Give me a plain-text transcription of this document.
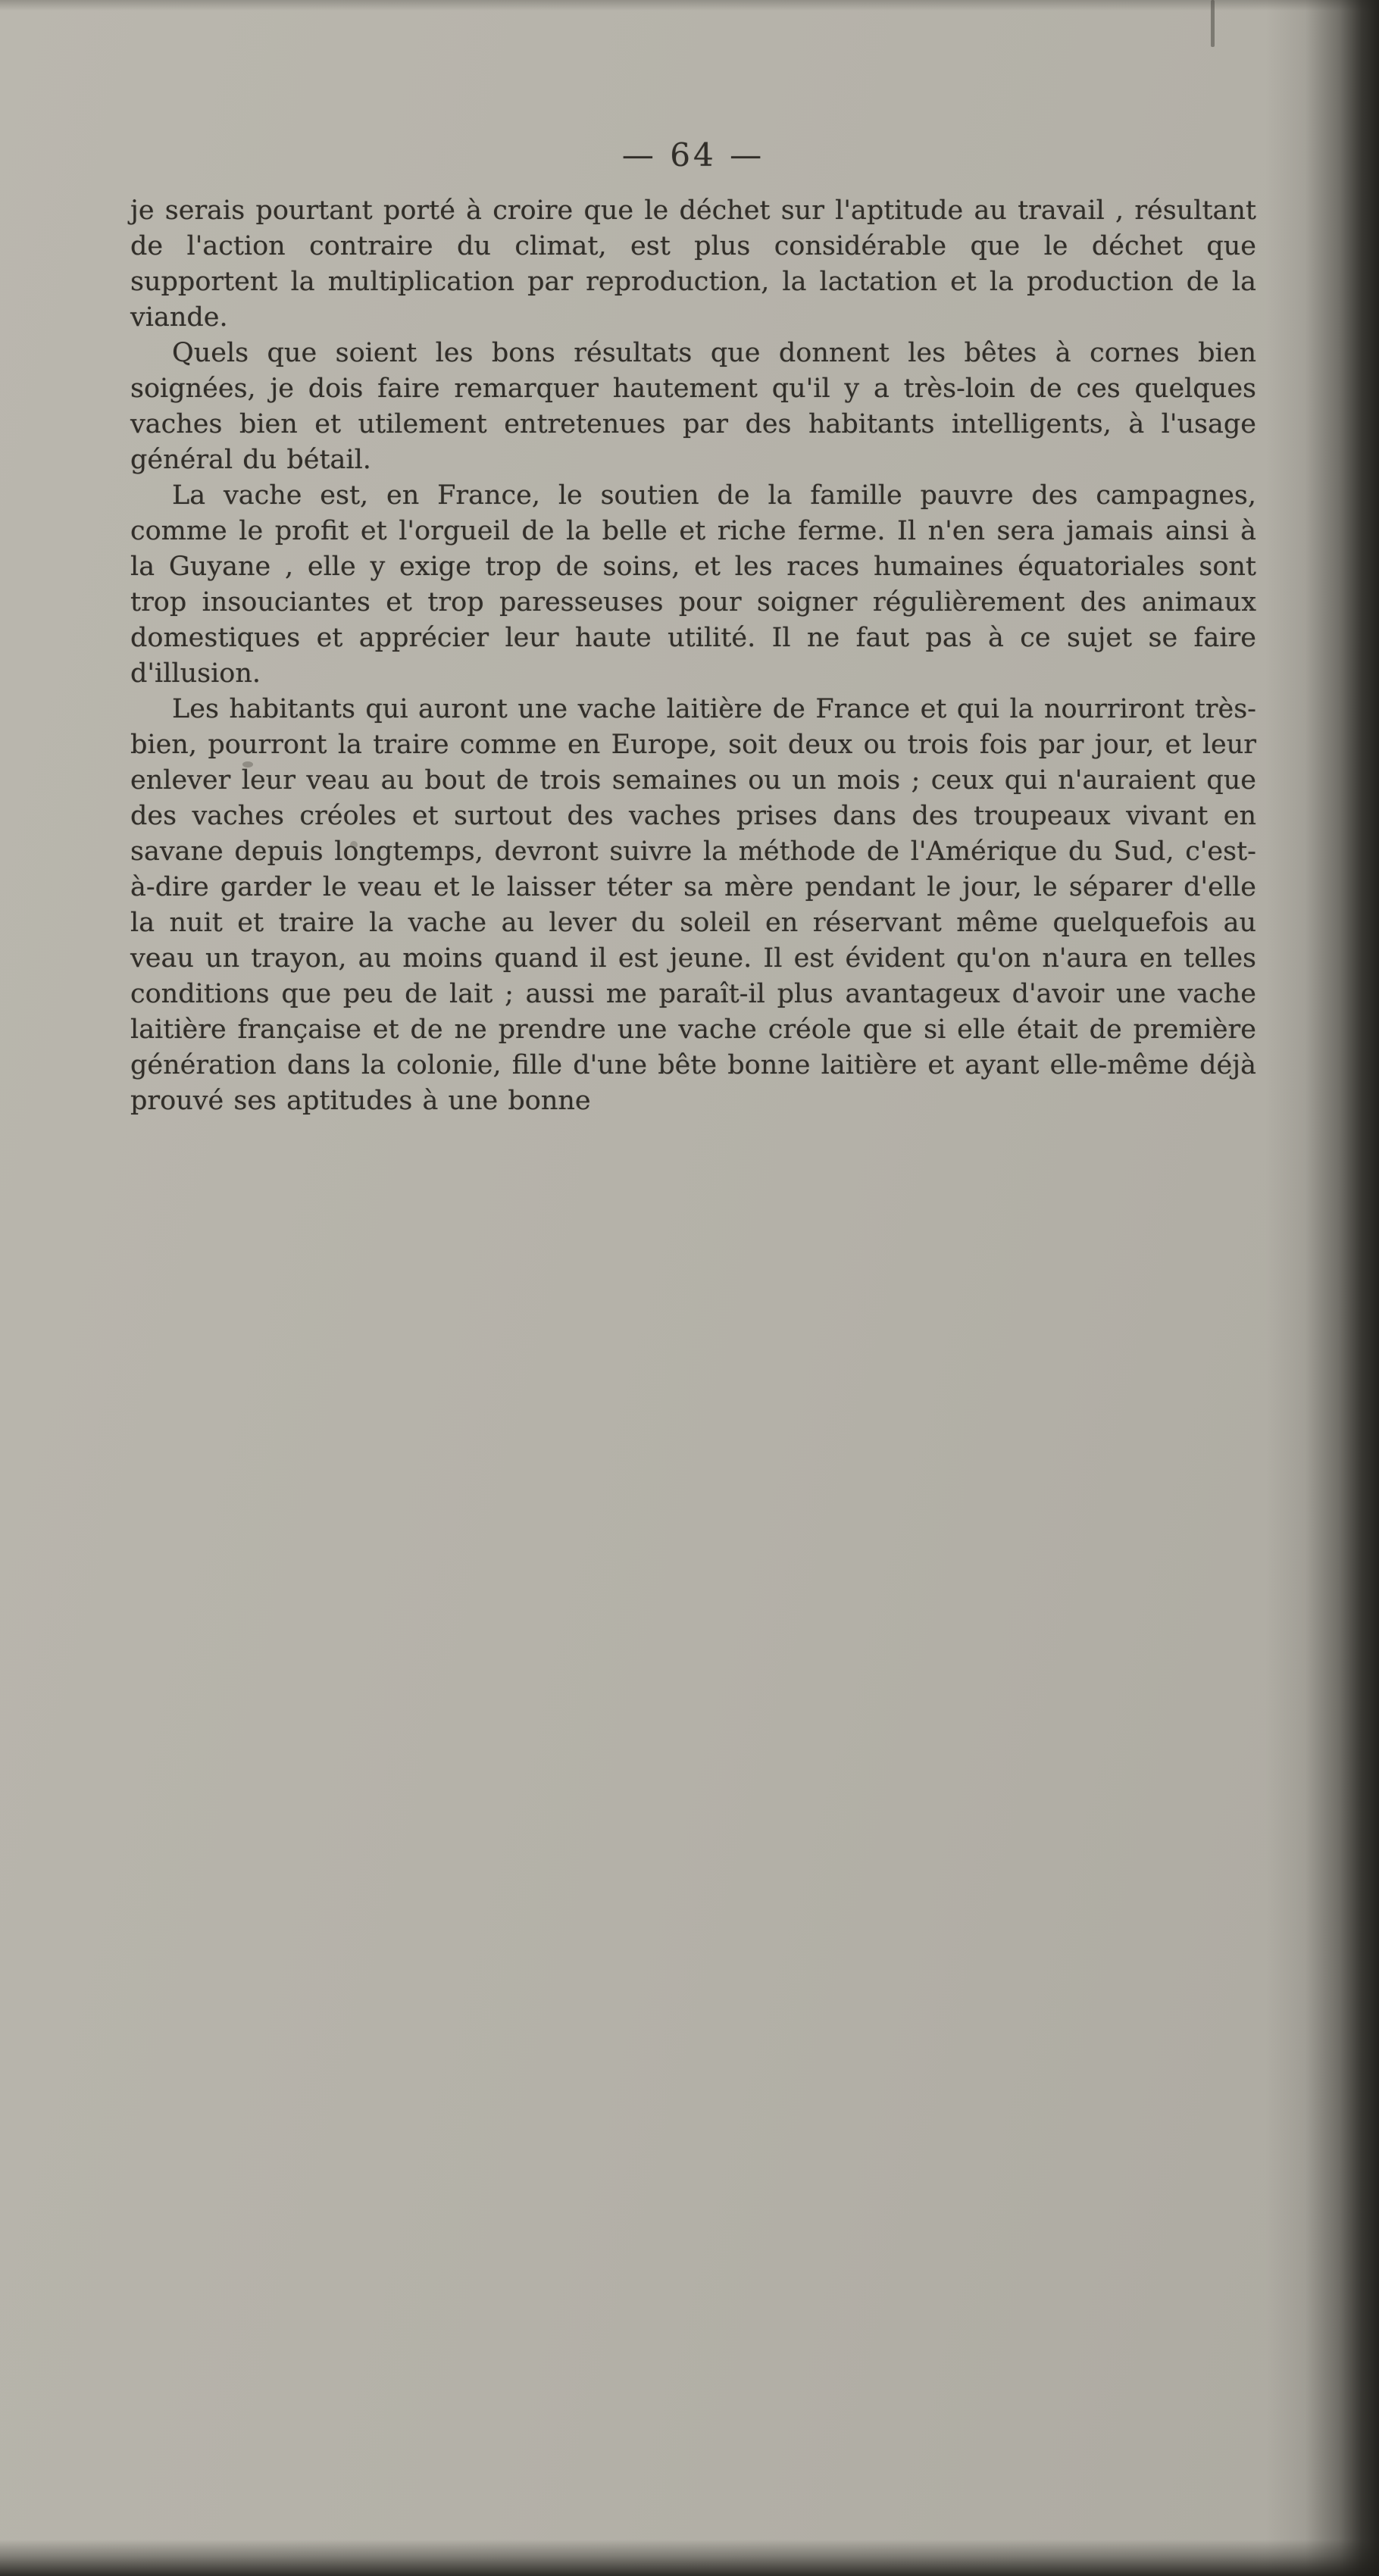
— 64 —

je serais pourtant porté à croire que le déchet sur l'aptitude au travail , résultant de l'action contraire du climat, est plus considérable que le déchet que supportent la multiplication par reproduction, la lactation et la production de la viande.

Quels que soient les bons résultats que donnent les bêtes à cornes bien soignées, je dois faire remarquer hautement qu'il y a très-loin de ces quelques vaches bien et utilement entretenues par des habitants intelligents, à l'usage général du bétail.

La vache est, en France, le soutien de la famille pauvre des campagnes, comme le profit et l'orgueil de la belle et riche ferme. Il n'en sera jamais ainsi à la Guyane , elle y exige trop de soins, et les races humaines équatoriales sont trop insouciantes et trop paresseuses pour soigner régulièrement des animaux domestiques et apprécier leur haute utilité. Il ne faut pas à ce sujet se faire d'illusion.

Les habitants qui auront une vache laitière de France et qui la nourriront très-bien, pourront la traire comme en Europe, soit deux ou trois fois par jour, et leur enlever leur veau au bout de trois semaines ou un mois ; ceux qui n'auraient que des vaches créoles et surtout des vaches prises dans des troupeaux vivant en savane depuis longtemps, devront suivre la méthode de l'Amérique du Sud, c'est-à-dire garder le veau et le laisser téter sa mère pendant le jour, le séparer d'elle la nuit et traire la vache au lever du soleil en réservant même quelquefois au veau un trayon, au moins quand il est jeune. Il est évident qu'on n'aura en telles conditions que peu de lait ; aussi me paraît-il plus avantageux d'avoir une vache laitière française et de ne prendre une vache créole que si elle était de première génération dans la colonie, fille d'une bête bonne laitière et ayant elle-même déjà prouvé ses aptitudes à une bonne
